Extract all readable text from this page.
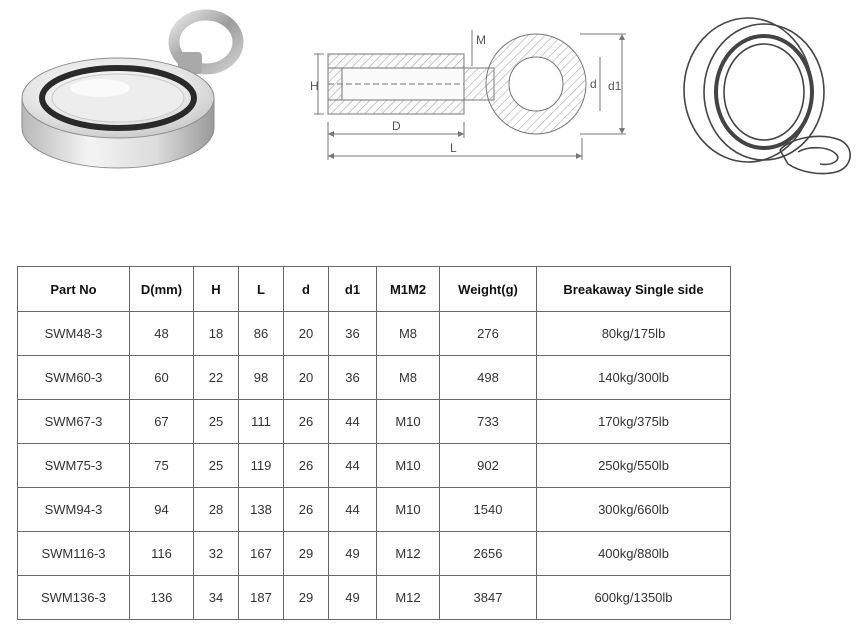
H
M
d d1
D
L
Part No	D(mm)	H	L	d	d1	M1M2	Weight(g)	Breakaway Single side
SWM48-3	48	18	86	20	36	M8	276	80kg/175lb
SWM60-3	60	22	98	20	36	M8	498	140kg/300lb
SWM67-3	67	25	111	26	44	M10	733	170kg/375lb
SWM75-3	75	25	119	26	44	M10	902	250kg/550lb
SWM94-3	94	28	138	26	44	M10	1540	300kg/660lb
SWM116-3	116	32	167	29	49	M12	2656	400kg/880lb
SWM136-3	136	34	187	29	49	M12	3847	600kg/1350lb
